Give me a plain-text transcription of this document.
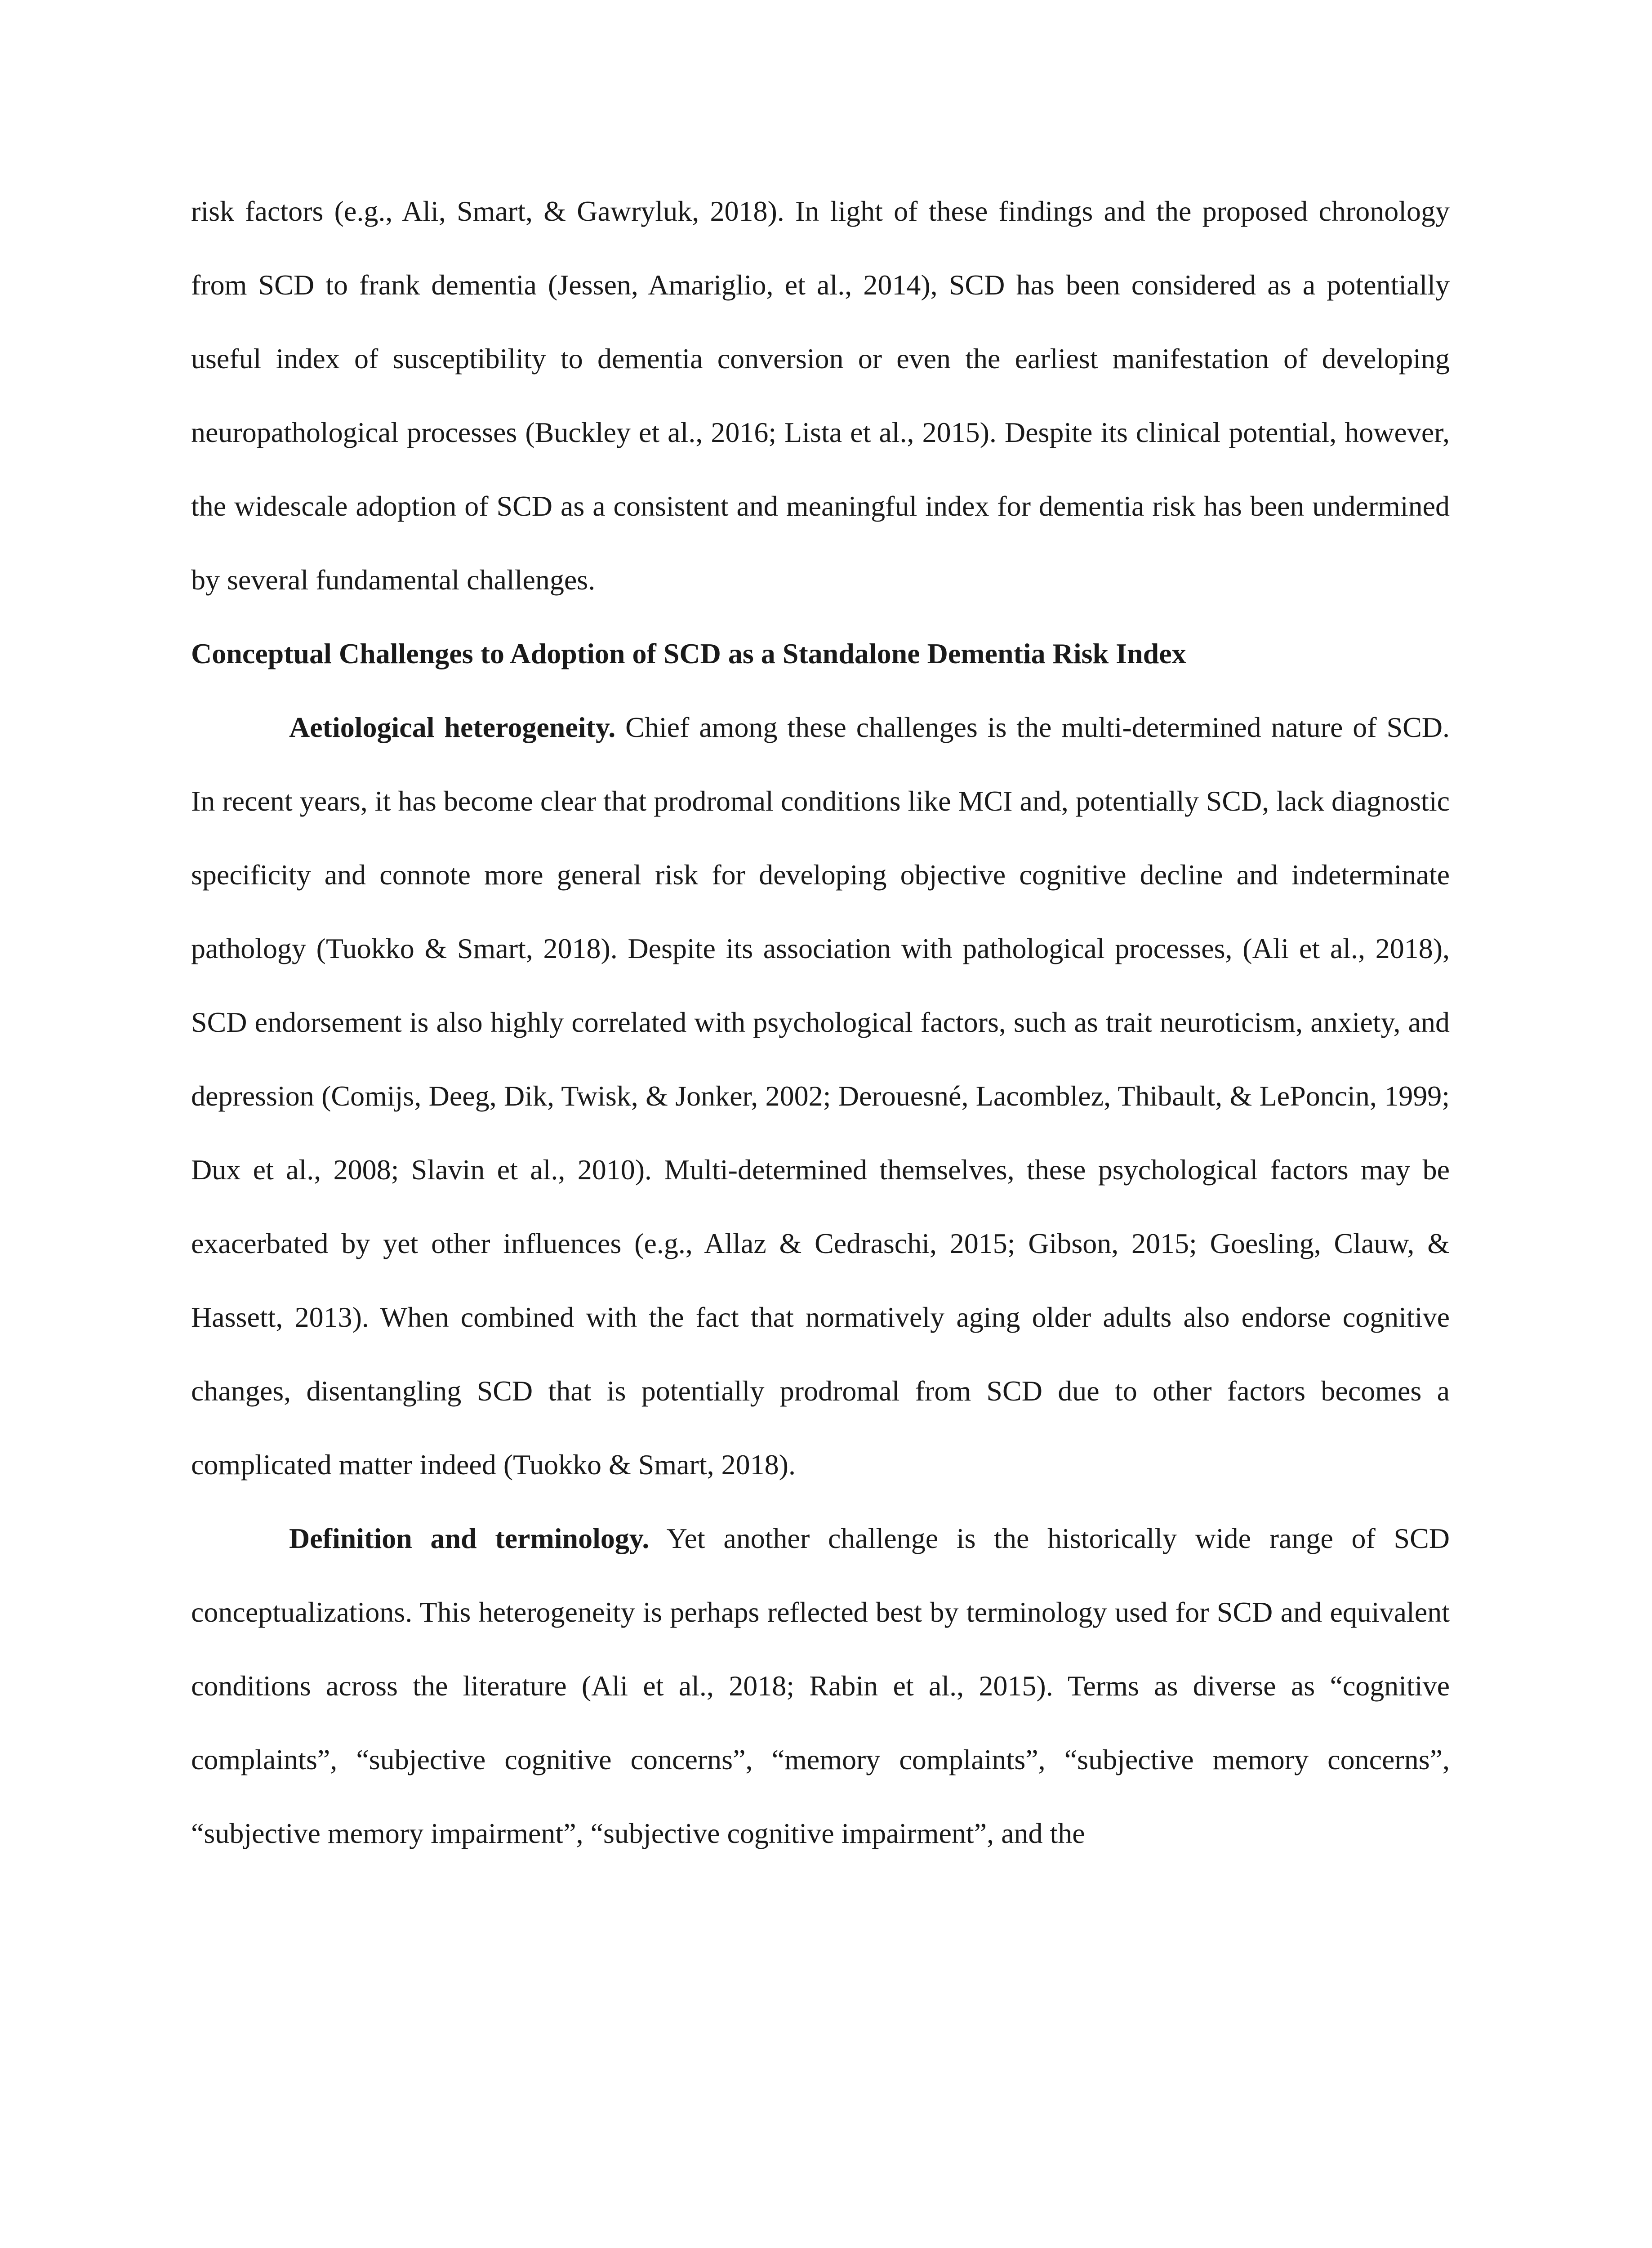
risk factors (e.g., Ali, Smart, & Gawryluk, 2018). In light of these findings and the proposed chronology from SCD to frank dementia (Jessen, Amariglio, et al., 2014), SCD has been considered as a potentially useful index of susceptibility to dementia conversion or even the earliest manifestation of developing neuropathological processes (Buckley et al., 2016; Lista et al., 2015). Despite its clinical potential, however, the widescale adoption of SCD as a consistent and meaningful index for dementia risk has been undermined by several fundamental challenges.

Conceptual Challenges to Adoption of SCD as a Standalone Dementia Risk Index

Aetiological heterogeneity. Chief among these challenges is the multi-determined nature of SCD. In recent years, it has become clear that prodromal conditions like MCI and, potentially SCD, lack diagnostic specificity and connote more general risk for developing objective cognitive decline and indeterminate pathology (Tuokko & Smart, 2018). Despite its association with pathological processes, (Ali et al., 2018), SCD endorsement is also highly correlated with psychological factors, such as trait neuroticism, anxiety, and depression (Comijs, Deeg, Dik, Twisk, & Jonker, 2002; Derouesné, Lacomblez, Thibault, & LePoncin, 1999; Dux et al., 2008; Slavin et al., 2010). Multi-determined themselves, these psychological factors may be exacerbated by yet other influences (e.g., Allaz & Cedraschi, 2015; Gibson, 2015; Goesling, Clauw, & Hassett, 2013). When combined with the fact that normatively aging older adults also endorse cognitive changes, disentangling SCD that is potentially prodromal from SCD due to other factors becomes a complicated matter indeed (Tuokko & Smart, 2018).

Definition and terminology. Yet another challenge is the historically wide range of SCD conceptualizations. This heterogeneity is perhaps reflected best by terminology used for SCD and equivalent conditions across the literature (Ali et al., 2018; Rabin et al., 2015). Terms as diverse as “cognitive complaints”, “subjective cognitive concerns”, “memory complaints”, “subjective memory concerns”, “subjective memory impairment”, “subjective cognitive impairment”, and the
